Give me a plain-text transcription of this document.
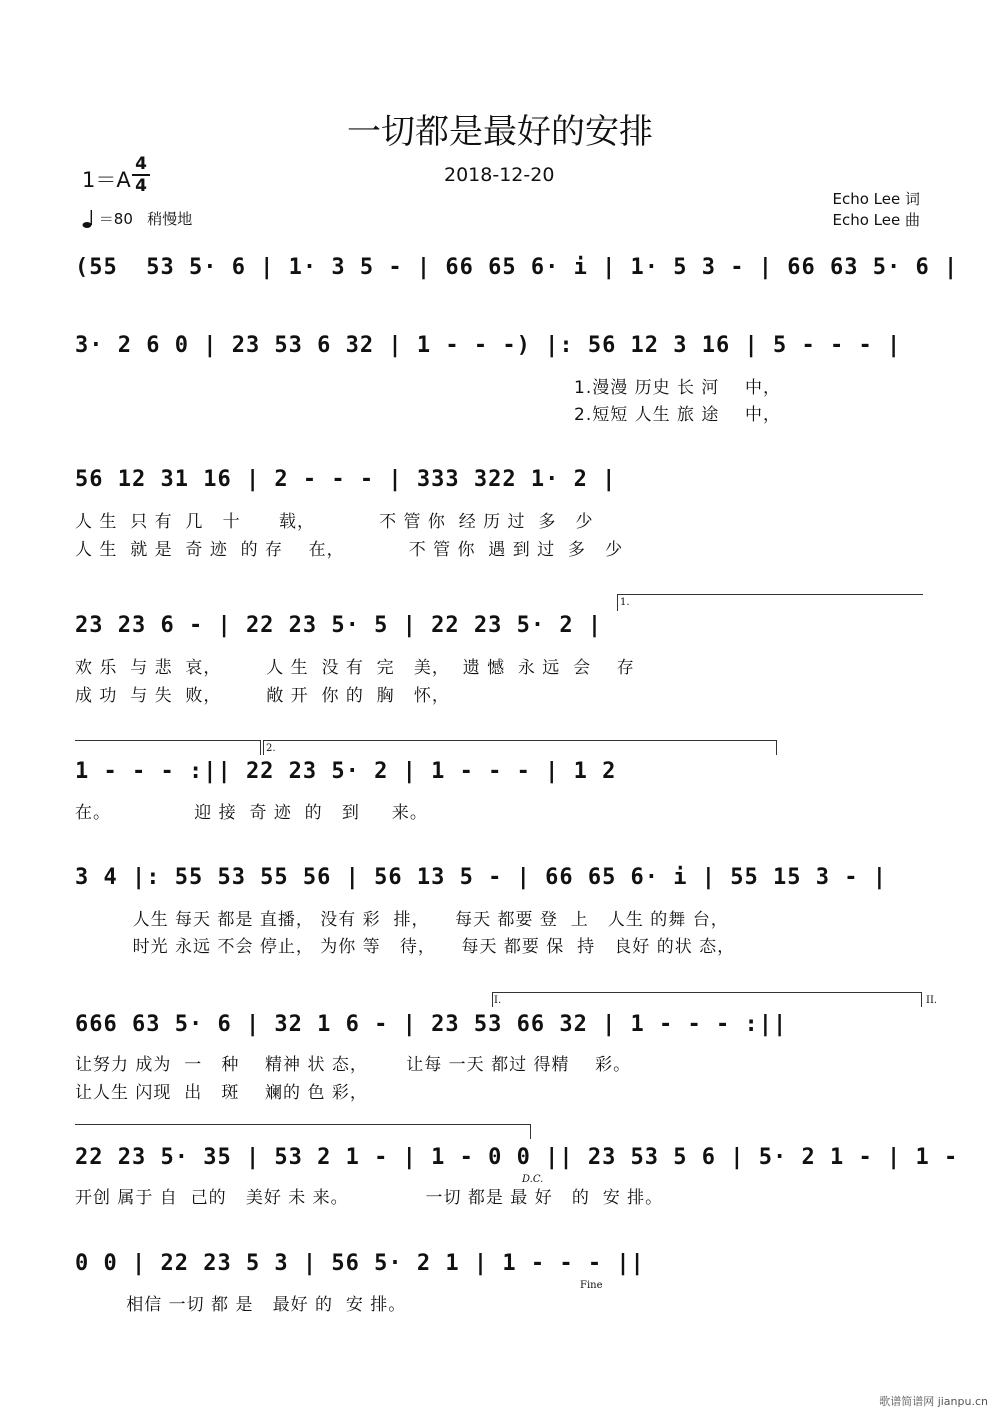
一切都是最好的安排
1＝A
4
4	2018-12-20
＝80 稍慢地
Echo Lee 词
Echo Lee 曲
(55  53 5· 6 | 1· 3 5 - | 66 65 6· i | 1· 5 3 - | 66 63 5· 6 |
3· 2 6 0 | 23 53 6 32 | 1 - - -) |: 56 12 3 16 | 5 - - - |
1.漫漫 历史 长 河    中，
2.短短 人生 旅 途    中，
56 12 31 16 | 2 - - - | 333 322 1· 2 |
人 生  只 有  几   十      载，          不 管 你  经 历 过  多   少
人 生  就 是  奇 迹  的 存    在，          不 管 你  遇 到 过  多   少
1.
23 23 6 - | 22 23 5· 5 | 22 23 5· 2 |
欢 乐  与 悲  哀，       人 生  没 有  完   美，  遗 憾  永 远  会    存
成 功  与 失  败，       敞 开  你 的  胸   怀，
2.
1 - - - :|| 22 23 5· 2 | 1 - - - | 1 2
在。             迎 接  奇 迹  的   到     来。
3 4 |: 55 53 55 56 | 56 13 5 - | 66 65 6· i | 55 15 3 - |
人生 每天 都是 直播， 没有 彩  排，    每天 都要 登  上   人生 的舞 台，
时光 永远 不会 停止， 为你 等   待，    每天 都要 保  持   良好 的状 态，
I.	II.
666 63 5· 6 | 32 1 6 - | 23 53 66 32 | 1 - - - :||
让努力 成为  一   种    精神 状 态，      让每 一天 都过 得精    彩。
让人生 闪现  出   斑    斓的 色 彩，
22 23 5· 35 | 53 2 1 - | 1 - 0 0 || 23 53 5 6 | 5· 2 1 - | 1 -
D.C.
开创 属于 自  己的   美好 未 来。            一切 都是 最 好   的  安 排。
0 0 | 22 23 5 3 | 56 5· 2 1 | 1 - - - ||
Fine
相信 一切 都 是   最好 的  安 排。
歌谱简谱网 jianpu.cn
